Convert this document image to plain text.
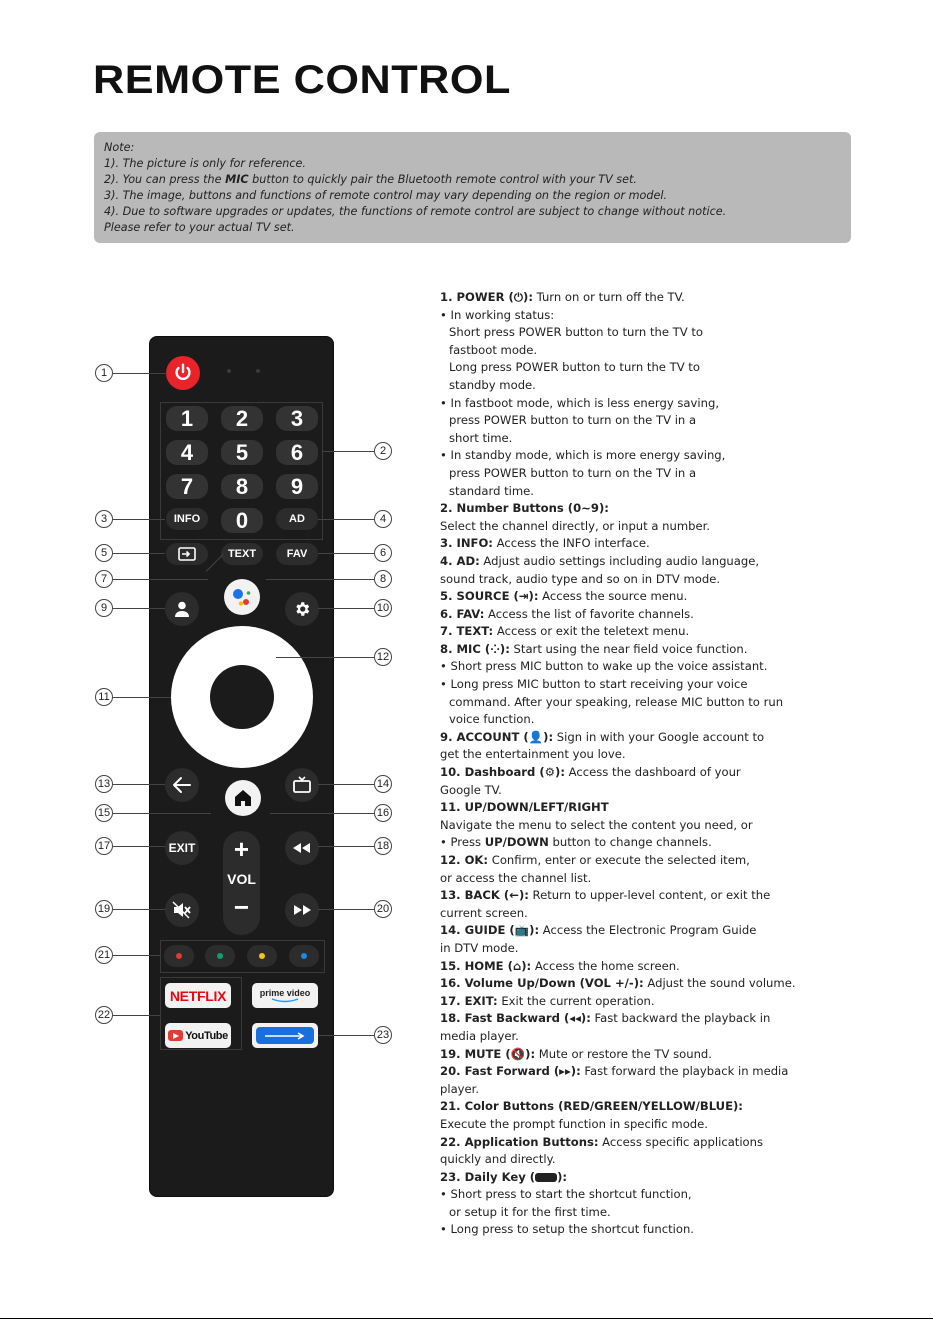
REMOTE CONTROL
Note:
1). The picture is only for reference.
2). You can press the MIC button to quickly pair the Bluetooth remote control with your TV set.
3). The image, buttons and functions of remote control may vary depending on the region or model.
4). Due to software upgrades or updates, the functions of remote control are subject to change without notice.
Please refer to your actual TV set.
1	2	3
4	5	6
7	8	9
INFO	0	AD
TEXT	FAV
EXIT	+
VOL
−
NETFLIX	prime video
YouTube
1
2
3	4
5	6
7	8
9	10
11
12
13	14
15	16
17	18
19	20
21
22
23
1. POWER (⏻): Turn on or turn off the TV.
• In working status:
Short press POWER button to turn the TV to
fastboot mode.
Long press POWER button to turn the TV to
standby mode.
• In fastboot mode, which is less energy saving,
press POWER button to turn on the TV in a
short time.
• In standby mode, which is more energy saving,
press POWER button to turn on the TV in a
standard time.
2. Number Buttons (0~9):
Select the channel directly, or input a number.
3. INFO: Access the INFO interface.
4. AD: Adjust audio settings including audio language,
sound track, audio type and so on in DTV mode.
5. SOURCE (⇥): Access the source menu.
6. FAV: Access the list of favorite channels.
7. TEXT: Access or exit the teletext menu.
8. MIC (⁘): Start using the near field voice function.
• Short press MIC button to wake up the voice assistant.
• Long press MIC button to start receiving your voice
command. After your speaking, release MIC button to run
voice function.
9. ACCOUNT (👤): Sign in with your Google account to
get the entertainment you love.
10. Dashboard (⚙): Access the dashboard of your
Google TV.
11. UP/DOWN/LEFT/RIGHT
Navigate the menu to select the content you need, or
• Press UP/DOWN button to change channels.
12. OK: Confirm, enter or execute the selected item,
or access the channel list.
13. BACK (←): Return to upper-level content, or exit the
current screen.
14. GUIDE (📺): Access the Electronic Program Guide
in DTV mode.
15. HOME (⌂): Access the home screen.
16. Volume Up/Down (VOL +/-): Adjust the sound volume.
17. EXIT: Exit the current operation.
18. Fast Backward (◂◂): Fast backward the playback in
media player.
19. MUTE (🔇): Mute or restore the TV sound.
20. Fast Forward (▸▸): Fast forward the playback in media
player.
21. Color Buttons (RED/GREEN/YELLOW/BLUE):
Execute the prompt function in specific mode.
22. Application Buttons: Access specific applications
quickly and directly.
23. Daily Key ( ):
• Short press to start the shortcut function,
or setup it for the first time.
• Long press to setup the shortcut function.
